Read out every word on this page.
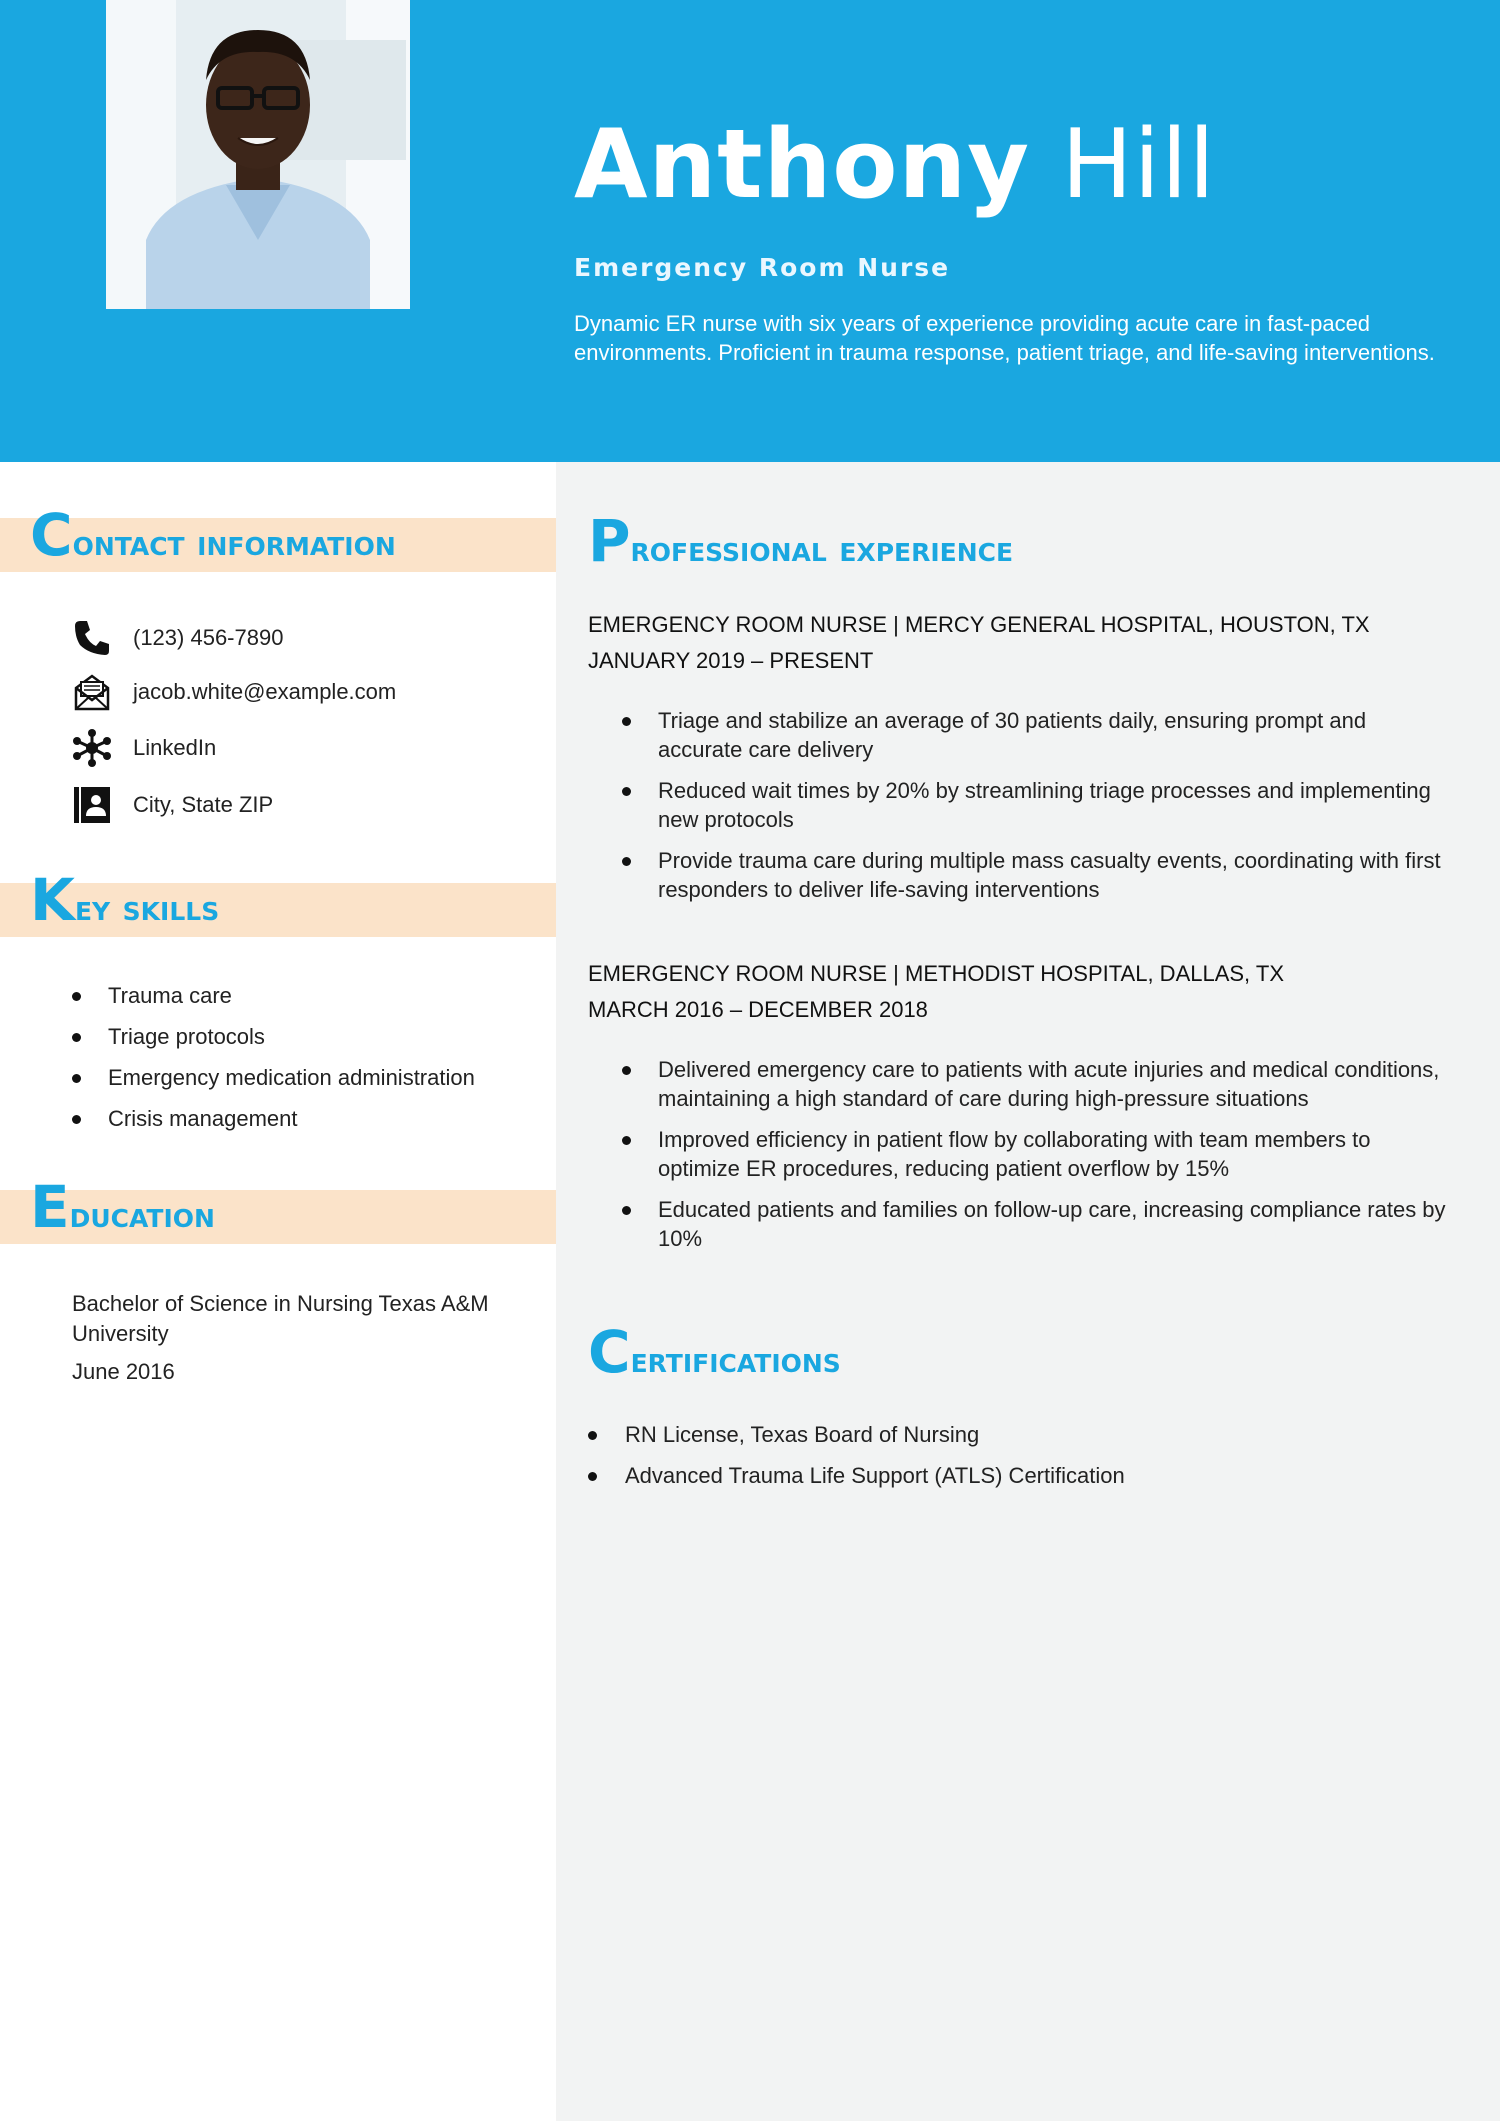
Anthony Hill
Emergency Room Nurse
Dynamic ER nurse with six years of experience providing acute care in fast-paced environments. Proficient in trauma response, patient triage, and life-saving interventions.
Contact information
(123) 456-7890
jacob.white@example.com
LinkedIn
City, State ZIP
Key skills
Trauma care
Triage protocols
Emergency medication administration
Crisis management
Education
Bachelor of Science in Nursing Texas A&M University
June 2016
Professional experience
EMERGENCY ROOM NURSE | MERCY GENERAL HOSPITAL, HOUSTON, TX
JANUARY 2019 – PRESENT
Triage and stabilize an average of 30 patients daily, ensuring prompt and accurate care delivery
Reduced wait times by 20% by streamlining triage processes and implementing new protocols
Provide trauma care during multiple mass casualty events, coordinating with first responders to deliver life-saving interventions
EMERGENCY ROOM NURSE | METHODIST HOSPITAL, DALLAS, TX
MARCH 2016 – DECEMBER 2018
Delivered emergency care to patients with acute injuries and medical conditions, maintaining a high standard of care during high-pressure situations
Improved efficiency in patient flow by collaborating with team members to optimize ER procedures, reducing patient overflow by 15%
Educated patients and families on follow-up care, increasing compliance rates by 10%
Certifications
RN License, Texas Board of Nursing
Advanced Trauma Life Support (ATLS) Certification
